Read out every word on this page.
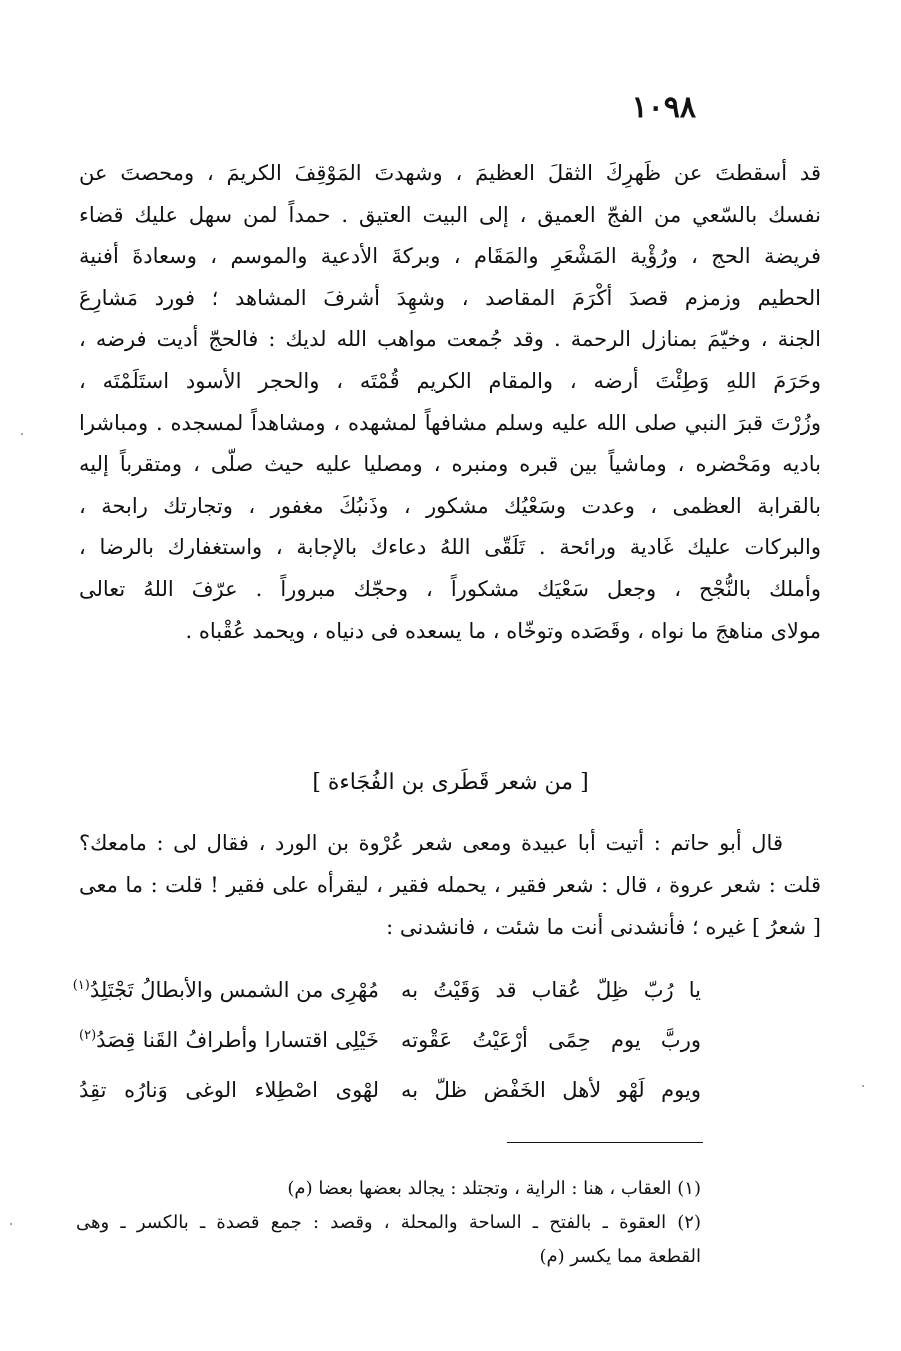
١٠٩٨
قد أسقطتَ عن ظَهرِكَ الثقلَ العظيمَ ، وشهدتَ المَوْقِفَ الكريمَ ، ومحصتَ عن
نفسك بالسّعي من الفجّ العميق ، إلى البيت العتيق . حمداً لمن سهل عليك قضاء
فريضة الحج ، ورُؤْية المَشْعَرِ والمَقَام ، وبركةَ الأدعية والموسم ، وسعادةَ أفنية
الحطيم وزمزم قصدَ أكْرَمَ المقاصد ، وشهِدَ أشرفَ المشاهد ؛ فورد مَشارِعَ
الجنة ، وخيّمَ بمنازل الرحمة . وقد جُمعت مواهب الله لديك : فالحجّ أديت فرضه ،
وحَرَمَ اللهِ وَطِئْتَ أرضه ، والمقام الكريم قُمْتَه ، والحجر الأسود استَلَمْتَه ،
وزُرْتَ قبرَ النبي صلى الله عليه وسلم مشافهاً لمشهده ، ومشاهداً لمسجده . ومباشرا
باديه ومَحْضره ، وماشياً بين قبره ومنبره ، ومصليا عليه حيث صلّى ، ومتقرباً إليه
بالقرابة العظمى ، وعدت وسَعْيُك مشكور ، وذَنبُكَ مغفور ، وتجارتك رابحة ،
والبركات عليك غَادية ورائحة . تَلَقّى اللهُ دعاءك بالإجابة ، واستغفارك بالرضا ،
وأملك بالنُّجْح ، وجعل سَعْيَك مشكوراً ، وحجّك مبروراً . عرّفَ اللهُ تعالى
مولاى مناهجَ ما نواه ، وقَصَده وتوخّاه ، ما يسعده فى دنياه ، ويحمد عُقْباه .
[ من شعر قَطَرى بن الفُجَاءة ]
قال أبو حاتم : أتيت أبا عبيدة ومعى شعر عُرْوة بن الورد ، فقال لى : مامعك؟
قلت : شعر عروة ، قال : شعر فقير ، يحمله فقير ، ليقرأه على فقير ! قلت : ما معى
[ شعرُ ] غيره ؛ فأنشدنى أنت ما شئت ، فانشدنى :
يا رُبّ ظِلّ عُقاب قد وَقَيْتُ به
مُهْرِى من الشمس والأبطالُ تَجْتَلِدُ$^{(١)}$
وربَّ يوم حِمًى أرْعَيْتُ عَقْوته
خَيْلِى اقتسارا وأطرافُ القَنا قِصَدُ$^{(٢)}$
ويوم لَهْو لأهل الخَفْض ظلّ به
لهْوى اصْطِلاء الوغى وَنارُه تقِدُ
(١) العقاب ، هنا : الراية ، وتجتلد : يجالد بعضها بعضا (م)
(٢) العقوة ـ بالفتح ـ الساحة والمحلة ، وقصد : جمع قصدة ـ بالكسر ـ وهى
القطعة مما يكسر (م)
